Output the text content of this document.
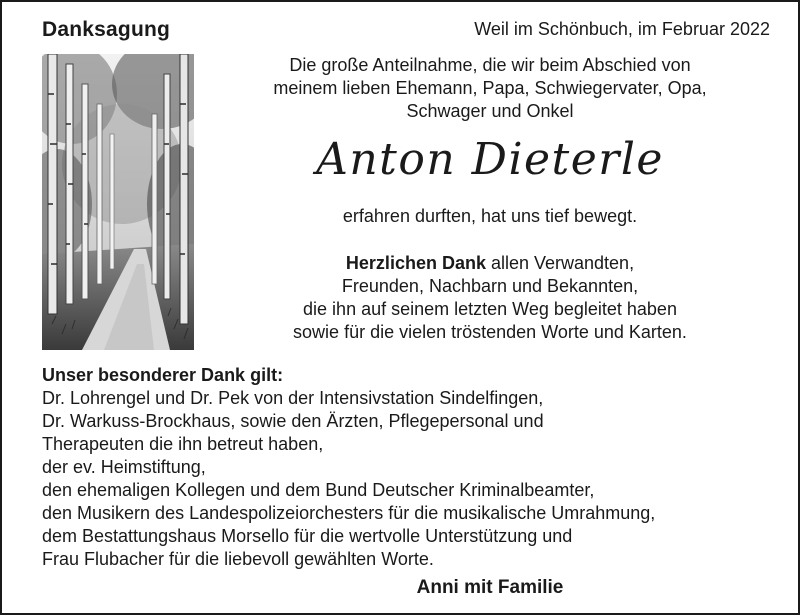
Danksagung	Weil im Schönbuch, im Februar 2022
Die große Anteilnahme, die wir beim Abschied von
meinem lieben Ehemann, Papa, Schwiegervater, Opa,
Schwager und Onkel
Anton Dieterle
erfahren durften, hat uns tief bewegt.
Herzlichen Dank allen Verwandten,
Freunden, Nachbarn und Bekannten,
die ihn auf seinem letzten Weg begleitet haben
sowie für die vielen tröstenden Worte und Karten.
Unser besonderer Dank gilt:
Dr. Lohrengel und Dr. Pek von der Intensivstation Sindelfingen,
Dr. Warkuss-Brockhaus, sowie den Ärzten, Pflegepersonal und
Therapeuten die ihn betreut haben,
der ev. Heimstiftung,
den ehemaligen Kollegen und dem Bund Deutscher Kriminalbeamter,
den Musikern des Landespolizeiorchesters für die musikalische Umrahmung,
dem Bestattungshaus Morsello für die wertvolle Unterstützung und
Frau Flubacher für die liebevoll gewählten Worte.
Anni mit Familie
